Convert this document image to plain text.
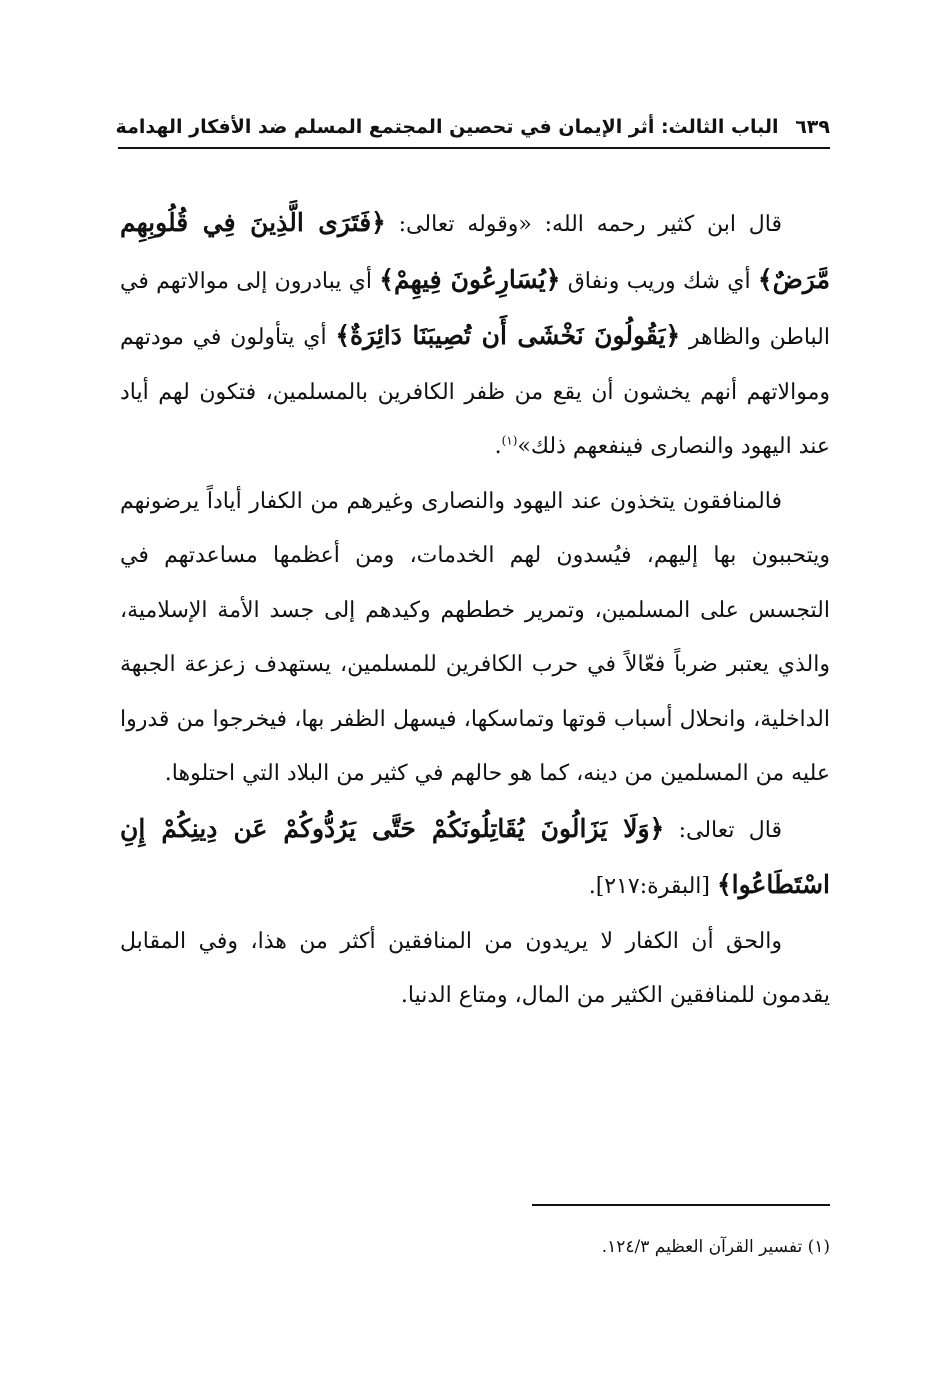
٦٣٩ الباب الثالث: أثر الإيمان في تحصين المجتمع المسلم ضد الأفكار الهدامة

قال ابن كثير رحمه الله: «وقوله تعالى: ﴿فَتَرَى الَّذِينَ فِي قُلُوبِهِم مَّرَضٌ﴾ أي شك وريب ونفاق ﴿يُسَارِعُونَ فِيهِمْ﴾ أي يبادرون إلى موالاتهم في الباطن والظاهر ﴿يَقُولُونَ نَخْشَى أَن تُصِيبَنَا دَائِرَةٌ﴾ أي يتأولون في مودتهم وموالاتهم أنهم يخشون أن يقع من ظفر الكافرين بالمسلمين، فتكون لهم أياد عند اليهود والنصارى فينفعهم ذلك»$^{(١)}$.

فالمنافقون يتخذون عند اليهود والنصارى وغيرهم من الكفار أياداً يرضونهم ويتحببون بها إليهم، فيُسدون لهم الخدمات، ومن أعظمها مساعدتهم في التجسس على المسلمين، وتمرير خططهم وكيدهم إلى جسد الأمة الإسلامية، والذي يعتبر ضرباً فعّالاً في حرب الكافرين للمسلمين، يستهدف زعزعة الجبهة الداخلية، وانحلال أسباب قوتها وتماسكها، فيسهل الظفر بها، فيخرجوا من قدروا عليه من المسلمين من دينه، كما هو حالهم في كثير من البلاد التي احتلوها.

قال تعالى: ﴿وَلَا يَزَالُونَ يُقَاتِلُونَكُمْ حَتَّى يَرُدُّوكُمْ عَن دِينِكُمْ إِنِ اسْتَطَاعُوا﴾ [البقرة:٢١٧].

والحق أن الكفار لا يريدون من المنافقين أكثر من هذا، وفي المقابل يقدمون للمنافقين الكثير من المال، ومتاع الدنيا.

(١) تفسير القرآن العظيم ١٢٤/٣.
